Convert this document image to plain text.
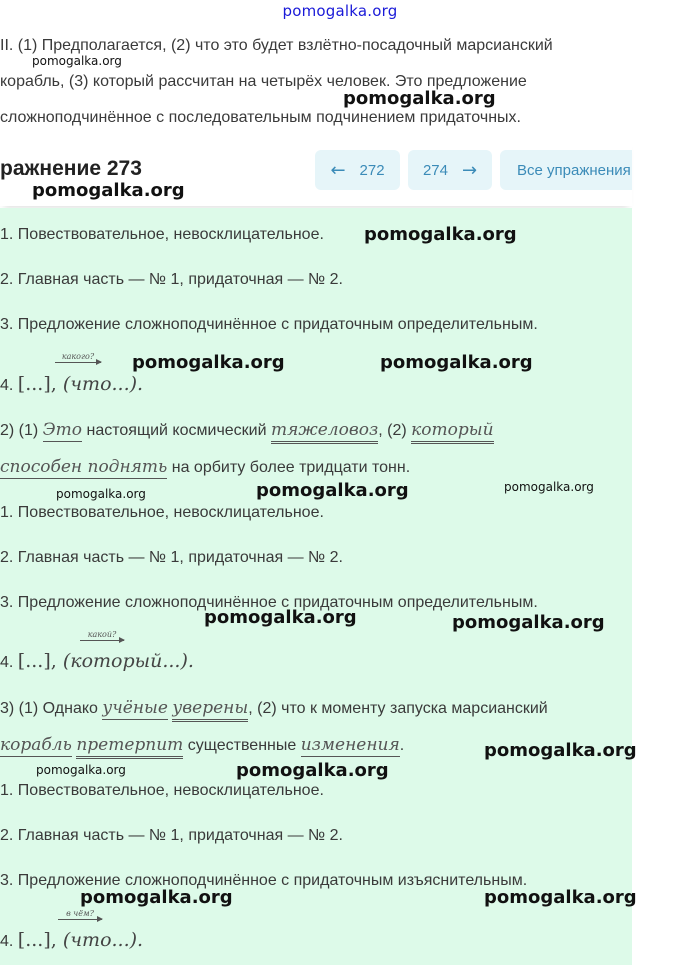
pomogalka.org
II. (1) Предполагается, (2) что это будет взлётно-посадочный марсианский
корабль, (3) который рассчитан на четырёх человек. Это предложение
сложноподчинённое с последовательным подчинением придаточных.
ражнение 273	← 272	274 →	Все упражнения
1. Повествовательное, невосклицательное.
2. Главная часть — № 1, придаточная — № 2.
3. Предложение сложноподчинённое с придаточным определительным.
какого?
4. [...], (что...).
2) (1) Это настоящий космический тяжеловоз, (2) который
способен поднять на орбиту более тридцати тонн.
1. Повествовательное, невосклицательное.
2. Главная часть — № 1, придаточная — № 2.
3. Предложение сложноподчинённое с придаточным определительным.
какой?
4. [...], (который...).
3) (1) Однако учёные уверены, (2) что к моменту запуска марсианский
корабль претерпит существенные изменения.
1. Повествовательное, невосклицательное.
2. Главная часть — № 1, придаточная — № 2.
3. Предложение сложноподчинённое с придаточным изъяснительным.
в чём?
4. [...], (что...).
pomogalka.org
pomogalka.org
pomogalka.org
pomogalka.org
pomogalka.org	pomogalka.org
pomogalka.org	pomogalka.org	pomogalka.org
pomogalka.org	pomogalka.org
pomogalka.org
pomogalka.org	pomogalka.org
pomogalka.org	pomogalka.org
